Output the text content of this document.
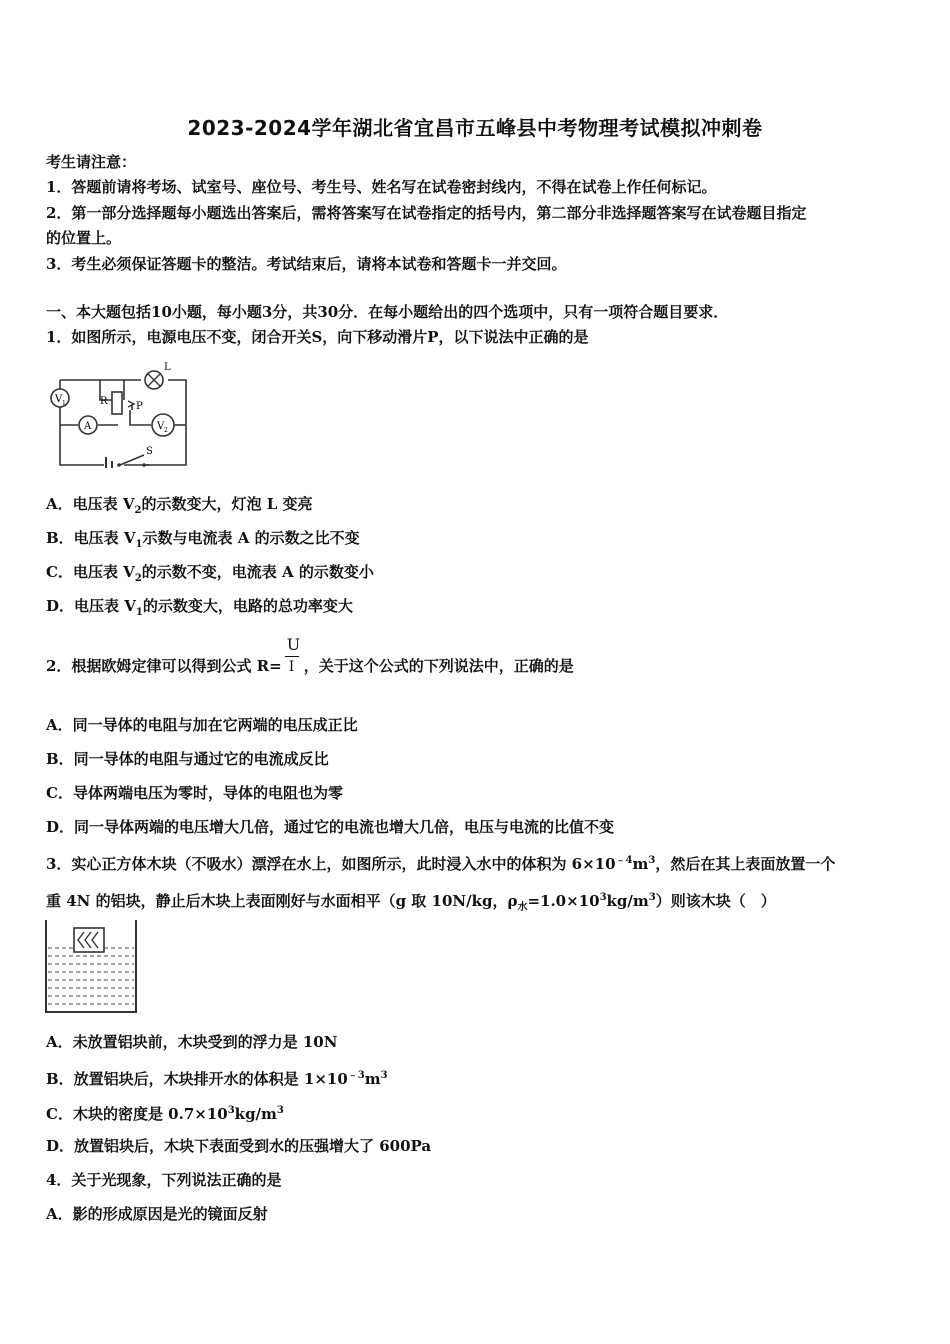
2023-2024学年湖北省宜昌市五峰县中考物理考试模拟冲刺卷
考生请注意：
1．答题前请将考场、试室号、座位号、考生号、姓名写在试卷密封线内，不得在试卷上作任何标记。
2．第一部分选择题每小题选出答案后，需将答案写在试卷指定的括号内，第二部分非选择题答案写在试卷题目指定
的位置上。
3．考生必须保证答题卡的整洁。考试结束后，请将本试卷和答题卡一并交回。
一、本大题包括10小题，每小题3分，共30分．在每小题给出的四个选项中，只有一项符合题目要求．
1．如图所示，电源电压不变，闭合开关S，向下移动滑片P，以下说法中正确的是
L
V 1	R	P
A	V 2
S
A．电压表 $V_2$的示数变大，灯泡 L 变亮
B．电压表 $V_1$示数与电流表 A 的示数之比不变
C．电压表 $V_2$的示数不变，电流表 A 的示数变小
D．电压表 $V_1$的示数变大，电路的总功率变大
2．根据欧姆定律可以得到公式 $R= \frac{U}{I}$ ，关于这个公式的下列说法中，正确的是
A．同一导体的电阻与加在它两端的电压成正比
B．同一导体的电阻与通过它的电流成反比
C．导体两端电压为零时，导体的电阻也为零
D．同一导体两端的电压增大几倍，通过它的电流也增大几倍，电压与电流的比值不变
3．实心正方体木块（不吸水）漂浮在水上，如图所示，此时浸入水中的体积为 $6\times 10^{﹣4}m^3$，然后在其上表面放置一个
重 4N 的铝块，静止后木块上表面刚好与水面相平（g 取 10N/kg，$\rho_水=1.0\times 10^3kg/m^3$）则该木块（　）
A．未放置铝块前，木块受到的浮力是 10N
B．放置铝块后，木块排开水的体积是 $1\times 10^{﹣3}m^3$
C．木块的密度是 $0.7\times 10^3kg/m^3$
D．放置铝块后，木块下表面受到水的压强增大了 600Pa
4．关于光现象，下列说法正确的是
A．影的形成原因是光的镜面反射
